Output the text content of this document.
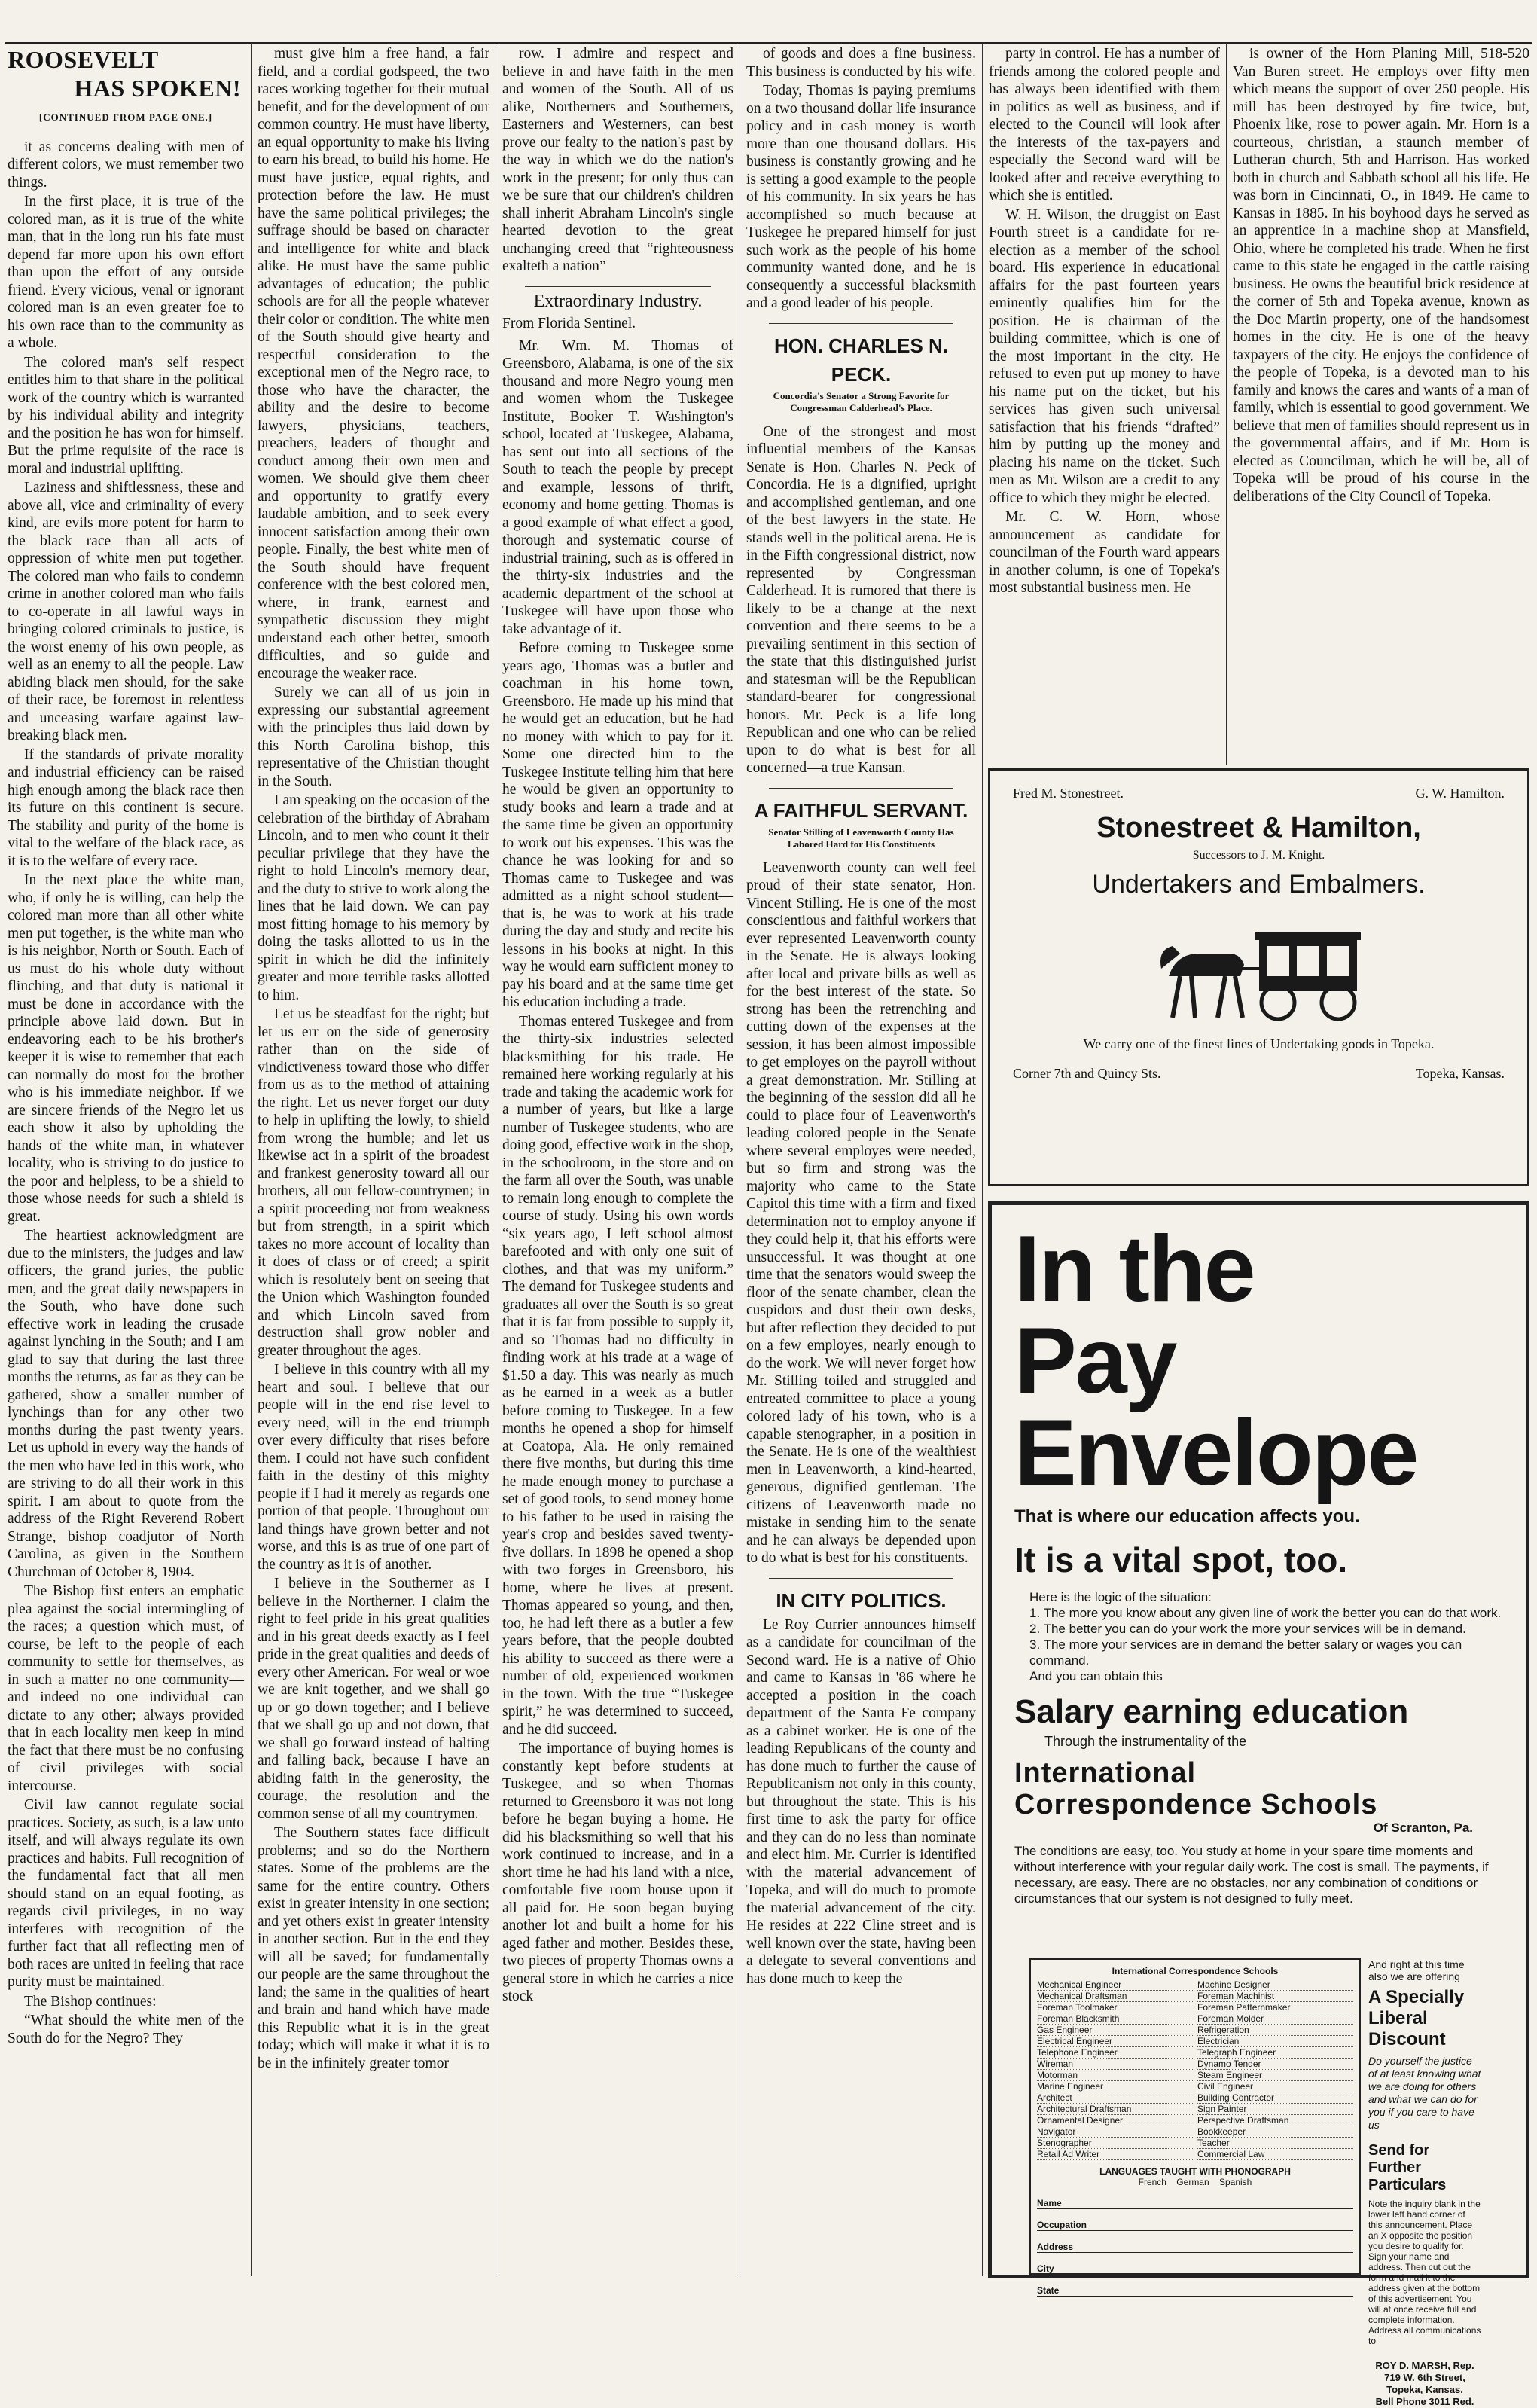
ROOSEVELT
HAS SPOKEN!
[CONTINUED FROM PAGE ONE.]

it as concerns dealing with men of different colors, we must remember two things.

In the first place, it is true of the colored man, as it is true of the white man, that in the long run his fate must depend far more upon his own effort than upon the effort of any outside friend. Every vicious, venal or ignorant colored man is an even greater foe to his own race than to the community as a whole.

The colored man's self respect entitles him to that share in the political work of the country which is warranted by his individual ability and integrity and the position he has won for himself. But the prime requisite of the race is moral and industrial uplifting.

Laziness and shiftlessness, these and above all, vice and criminality of every kind, are evils more potent for harm to the black race than all acts of oppression of white men put together. The colored man who fails to condemn crime in another colored man who fails to co-operate in all lawful ways in bringing colored criminals to justice, is the worst enemy of his own people, as well as an enemy to all the people. Law abiding black men should, for the sake of their race, be foremost in relentless and unceasing warfare against law-breaking black men.

If the standards of private morality and industrial efficiency can be raised high enough among the black race then its future on this continent is secure. The stability and purity of the home is vital to the welfare of the black race, as it is to the welfare of every race.

In the next place the white man, who, if only he is willing, can help the colored man more than all other white men put together, is the white man who is his neighbor, North or South. Each of us must do his whole duty without flinching, and that duty is national it must be done in accordance with the principle above laid down. But in endeavoring each to be his brother's keeper it is wise to remember that each can normally do most for the brother who is his immediate neighbor. If we are sincere friends of the Negro let us each show it also by upholding the hands of the white man, in whatever locality, who is striving to do justice to the poor and helpless, to be a shield to those whose needs for such a shield is great.

The heartiest acknowledgment are due to the ministers, the judges and law officers, the grand juries, the public men, and the great daily newspapers in the South, who have done such effective work in leading the crusade against lynching in the South; and I am glad to say that during the last three months the returns, as far as they can be gathered, show a smaller number of lynchings than for any other two months during the past twenty years. Let us uphold in every way the hands of the men who have led in this work, who are striving to do all their work in this spirit. I am about to quote from the address of the Right Reverend Robert Strange, bishop coadjutor of North Carolina, as given in the Southern Churchman of October 8, 1904.

The Bishop first enters an emphatic plea against the social intermingling of the races; a question which must, of course, be left to the people of each community to settle for themselves, as in such a matter no one community—and indeed no one individual—can dictate to any other; always provided that in each locality men keep in mind the fact that there must be no confusing of civil privileges with social intercourse.

Civil law cannot regulate social practices. Society, as such, is a law unto itself, and will always regulate its own practices and habits. Full recognition of the fundamental fact that all men should stand on an equal footing, as regards civil privileges, in no way interferes with recognition of the further fact that all reflecting men of both races are united in feeling that race purity must be maintained.

The Bishop continues:

“What should the white men of the South do for the Negro? They

must give him a free hand, a fair field, and a cordial godspeed, the two races working together for their mutual benefit, and for the development of our common country. He must have liberty, an equal opportunity to make his living to earn his bread, to build his home. He must have justice, equal rights, and protection before the law. He must have the same political privileges; the suffrage should be based on character and intelligence for white and black alike. He must have the same public advantages of education; the public schools are for all the people whatever their color or condition. The white men of the South should give hearty and respectful consideration to the exceptional men of the Negro race, to those who have the character, the ability and the desire to become lawyers, physicians, teachers, preachers, leaders of thought and conduct among their own men and women. We should give them cheer and opportunity to gratify every laudable ambition, and to seek every innocent satisfaction among their own people. Finally, the best white men of the South should have frequent conference with the best colored men, where, in frank, earnest and sympathetic discussion they might understand each other better, smooth difficulties, and so guide and encourage the weaker race.

Surely we can all of us join in expressing our substantial agreement with the principles thus laid down by this North Carolina bishop, this representative of the Christian thought in the South.

I am speaking on the occasion of the celebration of the birthday of Abraham Lincoln, and to men who count it their peculiar privilege that they have the right to hold Lincoln's memory dear, and the duty to strive to work along the lines that he laid down. We can pay most fitting homage to his memory by doing the tasks allotted to us in the spirit in which he did the infinitely greater and more terrible tasks allotted to him.

Let us be steadfast for the right; but let us err on the side of generosity rather than on the side of vindictiveness toward those who differ from us as to the method of attaining the right. Let us never forget our duty to help in uplifting the lowly, to shield from wrong the humble; and let us likewise act in a spirit of the broadest and frankest generosity toward all our brothers, all our fellow-countrymen; in a spirit proceeding not from weakness but from strength, in a spirit which takes no more account of locality than it does of class or of creed; a spirit which is resolutely bent on seeing that the Union which Washington founded and which Lincoln saved from destruction shall grow nobler and greater throughout the ages.

I believe in this country with all my heart and soul. I believe that our people will in the end rise level to every need, will in the end triumph over every difficulty that rises before them. I could not have such confident faith in the destiny of this mighty people if I had it merely as regards one portion of that people. Throughout our land things have grown better and not worse, and this is as true of one part of the country as it is of another.

I believe in the Southerner as I believe in the Northerner. I claim the right to feel pride in his great qualities and in his great deeds exactly as I feel pride in the great qualities and deeds of every other American. For weal or woe we are knit together, and we shall go up or go down together; and I believe that we shall go up and not down, that we shall go forward instead of halting and falling back, because I have an abiding faith in the generosity, the courage, the resolution and the common sense of all my countrymen.

The Southern states face difficult problems; and so do the Northern states. Some of the problems are the same for the entire country. Others exist in greater intensity in one section; and yet others exist in greater intensity in another section. But in the end they will all be saved; for fundamentally our people are the same throughout the land; the same in the qualities of heart and brain and hand which have made this Republic what it is in the great today; which will make it what it is to be in the infinitely greater tomor

row. I admire and respect and believe in and have faith in the men and women of the South. All of us alike, Northerners and Southerners, Easterners and Westerners, can best prove our fealty to the nation's past by the way in which we do the nation's work in the present; for only thus can we be sure that our children's children shall inherit Abraham Lincoln's single hearted devotion to the great unchanging creed that “righteousness exalteth a nation”

Extraordinary Industry.

From Florida Sentinel.

Mr. Wm. M. Thomas of Greensboro, Alabama, is one of the six thousand and more Negro young men and women whom the Tuskegee Institute, Booker T. Washington's school, located at Tuskegee, Alabama, has sent out into all sections of the South to teach the people by precept and example, lessons of thrift, economy and home getting. Thomas is a good example of what effect a good, thorough and systematic course of industrial training, such as is offered in the thirty-six industries and the academic department of the school at Tuskegee will have upon those who take advantage of it.

Before coming to Tuskegee some years ago, Thomas was a butler and coachman in his home town, Greensboro. He made up his mind that he would get an education, but he had no money with which to pay for it. Some one directed him to the Tuskegee Institute telling him that here he would be given an opportunity to study books and learn a trade and at the same time be given an opportunity to work out his expenses. This was the chance he was looking for and so Thomas came to Tuskegee and was admitted as a night school student—that is, he was to work at his trade during the day and study and recite his lessons in his books at night. In this way he would earn sufficient money to pay his board and at the same time get his education including a trade.

Thomas entered Tuskegee and from the thirty-six industries selected blacksmithing for his trade. He remained here working regularly at his trade and taking the academic work for a number of years, but like a large number of Tuskegee students, who are doing good, effective work in the shop, in the schoolroom, in the store and on the farm all over the South, was unable to remain long enough to complete the course of study. Using his own words “six years ago, I left school almost barefooted and with only one suit of clothes, and that was my uniform.” The demand for Tuskegee students and graduates all over the South is so great that it is far from possible to supply it, and so Thomas had no difficulty in finding work at his trade at a wage of $1.50 a day. This was nearly as much as he earned in a week as a butler before coming to Tuskegee. In a few months he opened a shop for himself at Coatopa, Ala. He only remained there five months, but during this time he made enough money to purchase a set of good tools, to send money home to his father to be used in raising the year's crop and besides saved twenty-five dollars. In 1898 he opened a shop with two forges in Greensboro, his home, where he lives at present. Thomas appeared so young, and then, too, he had left there as a butler a few years before, that the people doubted his ability to succeed as there were a number of old, experienced workmen in the town. With the true “Tuskegee spirit,” he was determined to succeed, and he did succeed.

The importance of buying homes is constantly kept before students at Tuskegee, and so when Thomas returned to Greensboro it was not long before he began buying a home. He did his blacksmithing so well that his work continued to increase, and in a short time he had his land with a nice, comfortable five room house upon it all paid for. He soon began buying another lot and built a home for his aged father and mother. Besides these, two pieces of property Thomas owns a general store in which he carries a nice stock

of goods and does a fine business. This business is conducted by his wife.

Today, Thomas is paying premiums on a two thousand dollar life insurance policy and in cash money is worth more than one thousand dollars. His business is constantly growing and he is setting a good example to the people of his community. In six years he has accomplished so much because at Tuskegee he prepared himself for just such work as the people of his home community wanted done, and he is consequently a successful blacksmith and a good leader of his people.

HON. CHARLES N. PECK.
Concordia's Senator a Strong Favorite for Congressman Calderhead's Place.

One of the strongest and most influential members of the Kansas Senate is Hon. Charles N. Peck of Concordia. He is a dignified, upright and accomplished gentleman, and one of the best lawyers in the state. He stands well in the political arena. He is in the Fifth congressional district, now represented by Congressman Calderhead. It is rumored that there is likely to be a change at the next convention and there seems to be a prevailing sentiment in this section of the state that this distinguished jurist and statesman will be the Republican standard-bearer for congressional honors. Mr. Peck is a life long Republican and one who can be relied upon to do what is best for all concerned—a true Kansan.

A FAITHFUL SERVANT.
Senator Stilling of Leavenworth County Has Labored Hard for His Constituents

Leavenworth county can well feel proud of their state senator, Hon. Vincent Stilling. He is one of the most conscientious and faithful workers that ever represented Leavenworth county in the Senate. He is always looking after local and private bills as well as for the best interest of the state. So strong has been the retrenching and cutting down of the expenses at the session, it has been almost impossible to get employes on the payroll without a great demonstration. Mr. Stilling at the beginning of the session did all he could to place four of Leavenworth's leading colored people in the Senate where several employes were needed, but so firm and strong was the majority who came to the State Capitol this time with a firm and fixed determination not to employ anyone if they could help it, that his efforts were unsuccessful. It was thought at one time that the senators would sweep the floor of the senate chamber, clean the cuspidors and dust their own desks, but after reflection they decided to put on a few employes, nearly enough to do the work. We will never forget how Mr. Stilling toiled and struggled and entreated committee to place a young colored lady of his town, who is a capable stenographer, in a position in the Senate. He is one of the wealthiest men in Leavenworth, a kind-hearted, generous, dignified gentleman. The citizens of Leavenworth made no mistake in sending him to the senate and he can always be depended upon to do what is best for his constituents.

IN CITY POLITICS.

Le Roy Currier announces himself as a candidate for councilman of the Second ward. He is a native of Ohio and came to Kansas in '86 where he accepted a position in the coach department of the Santa Fe company as a cabinet worker. He is one of the leading Republicans of the county and has done much to further the cause of Republicanism not only in this county, but throughout the state. This is his first time to ask the party for office and they can do no less than nominate and elect him. Mr. Currier is identified with the material advancement of Topeka, and will do much to promote the material advancement of the city. He resides at 222 Cline street and is well known over the state, having been a delegate to several conventions and has done much to keep the

party in control. He has a number of friends among the colored people and has always been identified with them in politics as well as business, and if elected to the Council will look after the interests of the tax-payers and especially the Second ward will be looked after and receive everything to which she is entitled.

W. H. Wilson, the druggist on East Fourth street is a candidate for re-election as a member of the school board. His experience in educational affairs for the past fourteen years eminently qualifies him for the position. He is chairman of the building committee, which is one of the most important in the city. He refused to even put up money to have his name put on the ticket, but his services has given such universal satisfaction that his friends “drafted” him by putting up the money and placing his name on the ticket. Such men as Mr. Wilson are a credit to any office to which they might be elected.

Mr. C. W. Horn, whose announcement as candidate for councilman of the Fourth ward appears in another column, is one of Topeka's most substantial business men. He

is owner of the Horn Planing Mill, 518-520 Van Buren street. He employs over fifty men which means the support of over 250 people. His mill has been destroyed by fire twice, but, Phoenix like, rose to power again. Mr. Horn is a courteous, christian, a staunch member of Lutheran church, 5th and Harrison. Has worked both in church and Sabbath school all his life. He was born in Cincinnati, O., in 1849. He came to Kansas in 1885. In his boyhood days he served as an apprentice in a machine shop at Mansfield, Ohio, where he completed his trade. When he first came to this state he engaged in the cattle raising business. He owns the beautiful brick residence at the corner of 5th and Topeka avenue, known as the Doc Martin property, one of the handsomest homes in the city. He is one of the heavy taxpayers of the city. He enjoys the confidence of the people of Topeka, is a devoted man to his family and knows the cares and wants of a man of family, which is essential to good government. We believe that men of families should represent us in the governmental affairs, and if Mr. Horn is elected as Councilman, which he will be, all of Topeka will be proud of his course in the deliberations of the City Council of Topeka.

Fred M. Stonestreet.	G. W. Hamilton.
Stonestreet & Hamilton,
Successors to J. M. Knight.
Undertakers and Embalmers.
We carry one of the finest lines of Undertaking goods in Topeka.
Corner 7th and Quincy Sts.	Topeka, Kansas.
In the
Pay Envelope
That is where our education affects you.
It is a vital spot, too.
Here is the logic of the situation:
1. The more you know about any given line of work the better you can do that work.
2. The better you can do your work the more your services will be in demand.
3. The more your services are in demand the better salary or wages you can command.
And you can obtain this
Salary earning education
Through the instrumentality of the
International
Correspondence Schools
Of Scranton, Pa.
The conditions are easy, too. You study at home in your spare time moments and without interference with your regular daily work. The cost is small. The payments, if necessary, are easy. There are no obstacles, nor any combination of conditions or circumstances that our system is not designed to fully meet.
International Correspondence Schools
Mechanical Engineer	Machine Designer
Mechanical Draftsman	Foreman Machinist
Foreman Toolmaker	Foreman Patternmaker
Foreman Blacksmith	Foreman Molder
Gas Engineer	Refrigeration
Electrical Engineer	Electrician
Telephone Engineer	Telegraph Engineer
Wireman	Dynamo Tender
Motorman	Steam Engineer
Marine Engineer	Civil Engineer
Architect	Building Contractor
Architectural Draftsman	Sign Painter
Ornamental Designer	Perspective Draftsman
Navigator	Bookkeeper
Stenographer	Teacher
Retail Ad Writer	Commercial Law
LANGUAGES TAUGHT WITH PHONOGRAPH
French    German    Spanish
Name
Occupation
Address
City
State
And right at this time also we are offering
A Specially Liberal Discount
Do yourself the justice of at least knowing what we are doing for others and what we can do for you if you care to have us
Send for Further Particulars
Note the inquiry blank in the lower left hand corner of this announcement. Place an X opposite the position you desire to qualify for. Sign your name and address. Then cut out the form and mail it to the address given at the bottom of this advertisement. You will at once receive full and complete information. Address all communications to
ROY D. MARSH, Rep.
719 W. 6th Street, Topeka, Kansas.
Bell Phone 3011 Red.
